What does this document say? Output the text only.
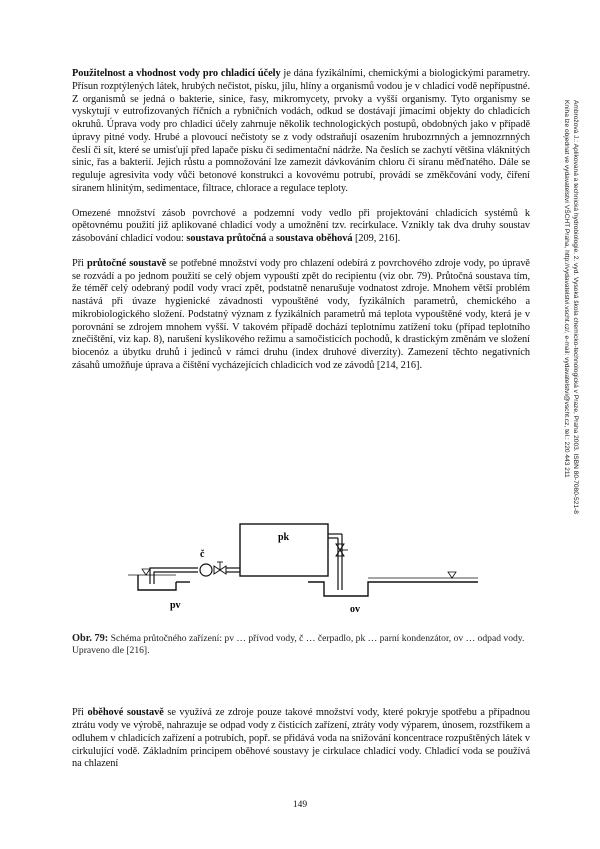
Použitelnost a vhodnost vody pro chladicí účely je dána fyzikálními, chemickými a biologickými parametry. Přísun rozptýlených látek, hrubých nečistot, písku, jílu, hlíny a organismů vodou je v chladicí vodě nepřípustné. Z organismů se jedná o bakterie, sinice, řasy, mikromycety, prvoky a vyšší organismy. Tyto organismy se vyskytují v eutrofizovaných říčních a rybničních vodách, odkud se dostávají jímacími objekty do chladicích okruhů. Úprava vody pro chladicí účely zahrnuje několik technologických postupů, obdobných jako v případě úpravy pitné vody. Hrubé a plovoucí nečistoty se z vody odstraňují osazením hrubozrnných a jemnozrnných česlí či sít, které se umisťují před lapače písku či sedimentační nádrže. Na česlích se zachytí většina vláknitých sinic, řas a bakterií. Jejich růstu a pomnožování lze zamezit dávkováním chloru či síranu měďnatého. Dále se reguluje agresivita vody vůči betonové konstrukci a kovovému potrubí, provádí se změkčování vody, čiření síranem hlinitým, sedimentace, filtrace, chlorace a regulace teploty.

Omezené množství zásob povrchové a podzemní vody vedlo při projektování chladicích systémů k opětovnému použití již aplikované chladicí vody a umožnění tzv. recirkulace. Vznikly tak dva druhy soustav zásobování chladicí vodou: soustava průtočná a soustava oběhová [209, 216].

Při průtočné soustavě se potřebné množství vody pro chlazení odebírá z povrchového zdroje vody, po úpravě se rozvádí a po jednom použití se celý objem vypouští zpět do recipientu (viz obr. 79). Průtočná soustava tím, že téměř celý odebraný podíl vody vrací zpět, podstatně nenarušuje vodnatost zdroje. Mnohem větší problém nastává při úvaze hygienické závadnosti vypouštěné vody, fyzikálních parametrů, chemického a mikrobiologického složení. Podstatný význam z fyzikálních parametrů má teplota vypouštěné vody, která je v porovnání se zdrojem mnohem vyšší. V takovém případě dochází teplotnímu zatížení toku (případ teplotního znečištění, viz kap. 8), narušení kyslíkového režimu a samočisticích pochodů, k drastickým změnám ve složení biocenóz a úbytku druhů i jedinců v rámci druhu (index druhové diverzity). Zamezení těchto negativních zásahů umožňuje úprava a čištění vycházejících chladicích vod ze závodů [214, 216].	Ambrožová J.: Aplikovaná a technická hydrobiologie. 2. vyd. Vysoká škola chemicko-technologická v Praze, Praha 2003. ISBN 80-7080-521-8
Kniha lze objednat ve vydavatelství VŠCHT Praha, http://vydavatelstvi.vscht.cz/, e-mail: vydavatelstvi@vscht.cz, tel.: 220 443 211
č
pk
pv	ov
Obr. 79: Schéma průtočného zařízení: pv … přívod vody, č … čerpadlo, pk … parní kondenzátor, ov … odpad vody. Upraveno dle [216].

Při oběhové soustavě se využívá ze zdroje pouze takové množství vody, které pokryje spotřebu a případnou ztrátu vody ve výrobě, nahrazuje se odpad vody z čisticích zařízení, ztráty vody výparem, únosem, rozstřikem a odluhem v chladicích zařízení a potrubích, popř. se přidává voda na snižování koncentrace rozpuštěných látek v cirkulující vodě. Základním principem oběhové soustavy je cirkulace chladicí vody. Chladicí voda se používá na chlazení

149
